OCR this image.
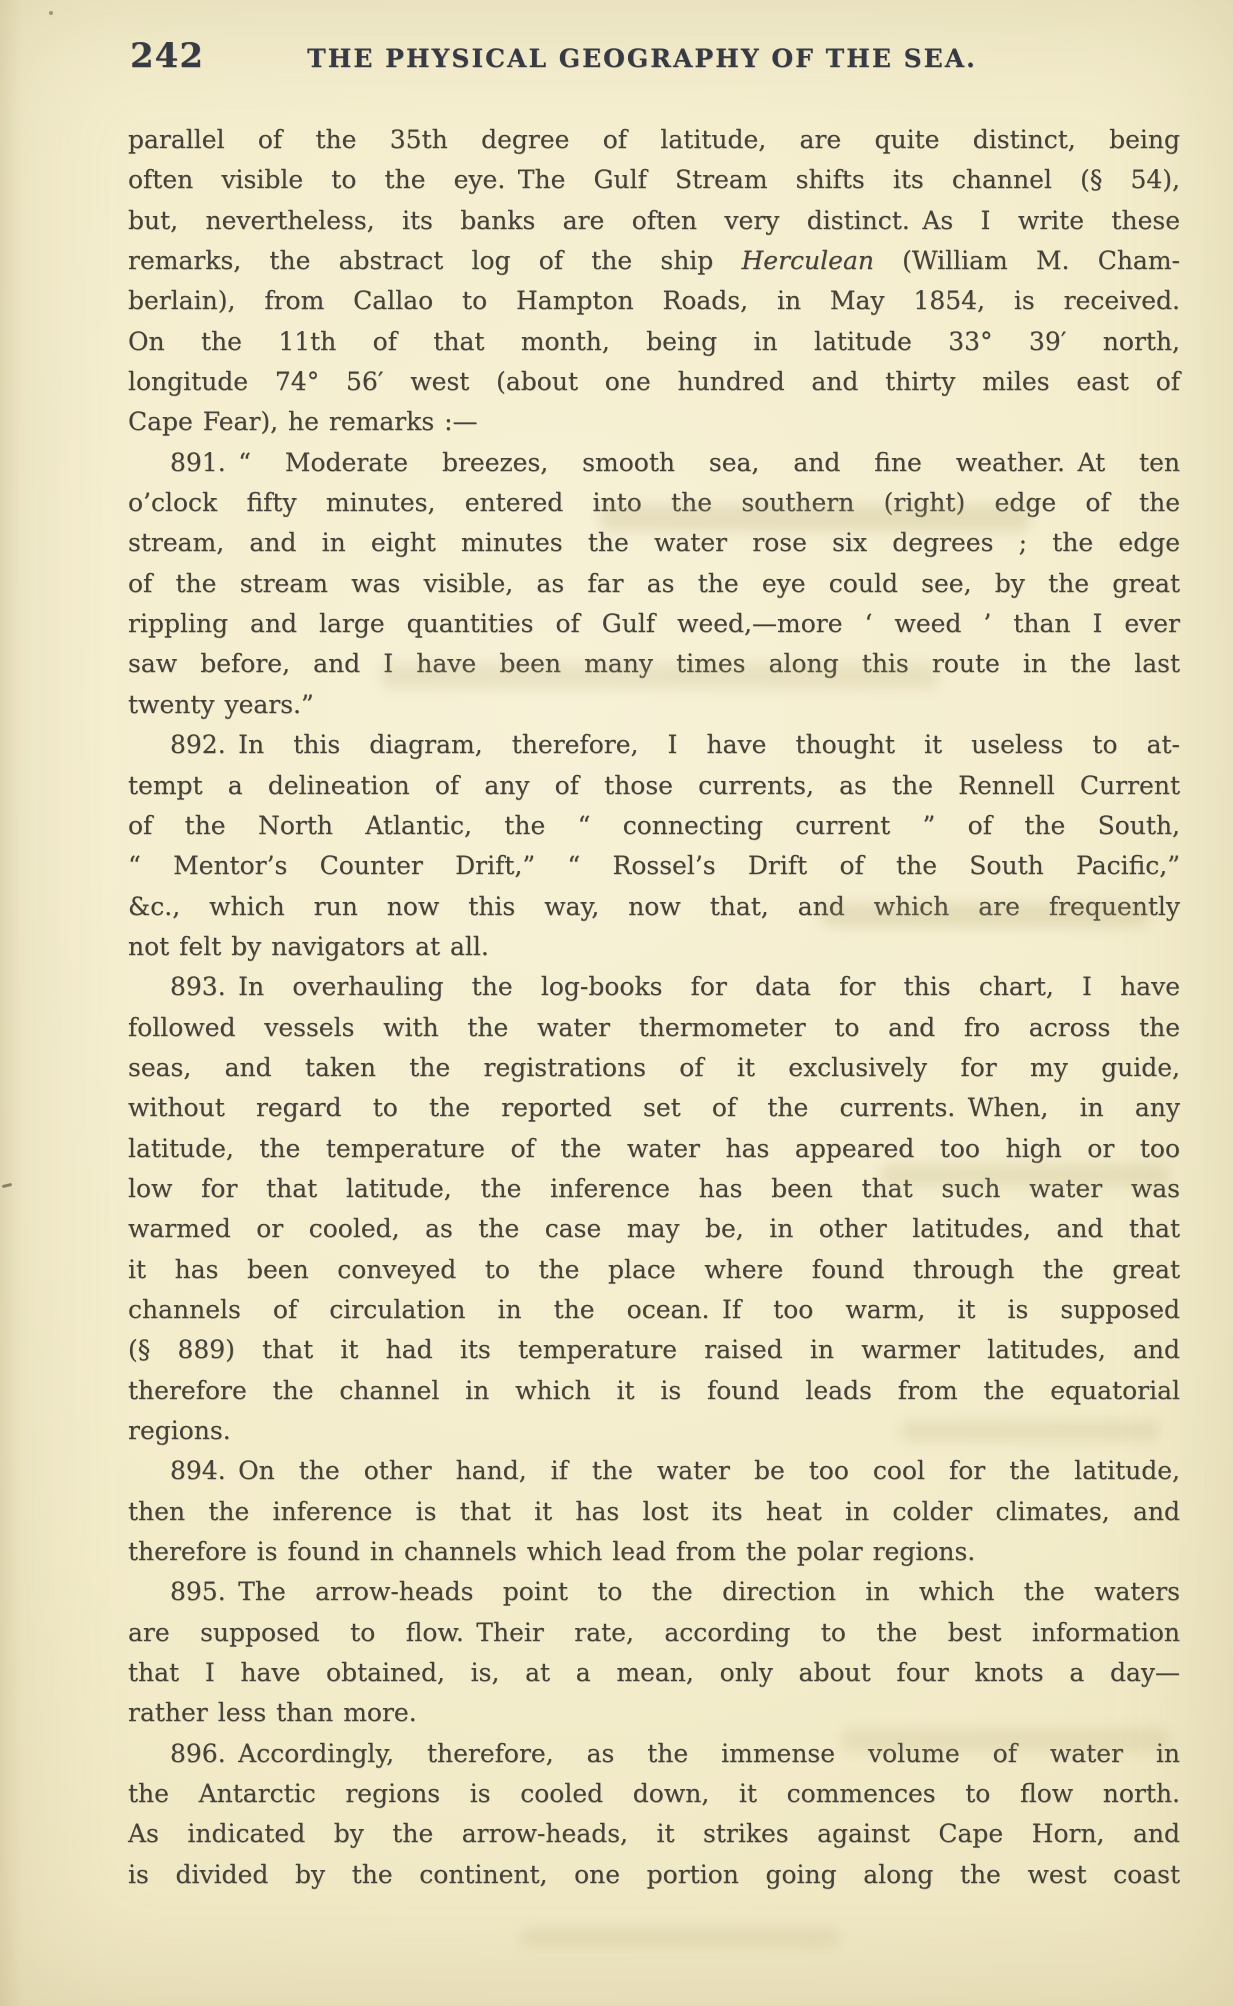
242	THE PHYSICAL GEOGRAPHY OF THE SEA.
parallel of the 35th degree of latitude, are quite distinct, being
often visible to the eye. The Gulf Stream shifts its channel (§ 54),
but, nevertheless, its banks are often very distinct. As I write these
remarks, the abstract log of the ship Herculean (William M. Cham-
berlain), from Callao to Hampton Roads, in May 1854, is received.
On the 11th of that month, being in latitude 33° 39′ north,
longitude 74° 56′ west (about one hundred and thirty miles east of
Cape Fear), he remarks :—
891. “ Moderate breezes, smooth sea, and fine weather. At ten
o’clock fifty minutes, entered into the southern (right) edge of the
stream, and in eight minutes the water rose six degrees ; the edge
of the stream was visible, as far as the eye could see, by the great
rippling and large quantities of Gulf weed,—more ‘ weed ’ than I ever
saw before, and I have been many times along this route in the last
twenty years.”
892. In this diagram, therefore, I have thought it useless to at-
tempt a delineation of any of those currents, as the Rennell Current
of the North Atlantic, the “ connecting current ” of the South,
“ Mentor’s Counter Drift,” “ Rossel’s Drift of the South Pacific,”
&c., which run now this way, now that, and which are frequently
not felt by navigators at all.
893. In overhauling the log-books for data for this chart, I have
followed vessels with the water thermometer to and fro across the
seas, and taken the registrations of it exclusively for my guide,
without regard to the reported set of the currents. When, in any
latitude, the temperature of the water has appeared too high or too
low for that latitude, the inference has been that such water was
warmed or cooled, as the case may be, in other latitudes, and that
it has been conveyed to the place where found through the great
channels of circulation in the ocean. If too warm, it is supposed
(§ 889) that it had its temperature raised in warmer latitudes, and
therefore the channel in which it is found leads from the equatorial
regions.
894. On the other hand, if the water be too cool for the latitude,
then the inference is that it has lost its heat in colder climates, and
therefore is found in channels which lead from the polar regions.
895. The arrow-heads point to the direction in which the waters
are supposed to flow. Their rate, according to the best information
that I have obtained, is, at a mean, only about four knots a day—
rather less than more.
896. Accordingly, therefore, as the immense volume of water in
the Antarctic regions is cooled down, it commences to flow north.
As indicated by the arrow-heads, it strikes against Cape Horn, and
is divided by the continent, one portion going along the west coast
